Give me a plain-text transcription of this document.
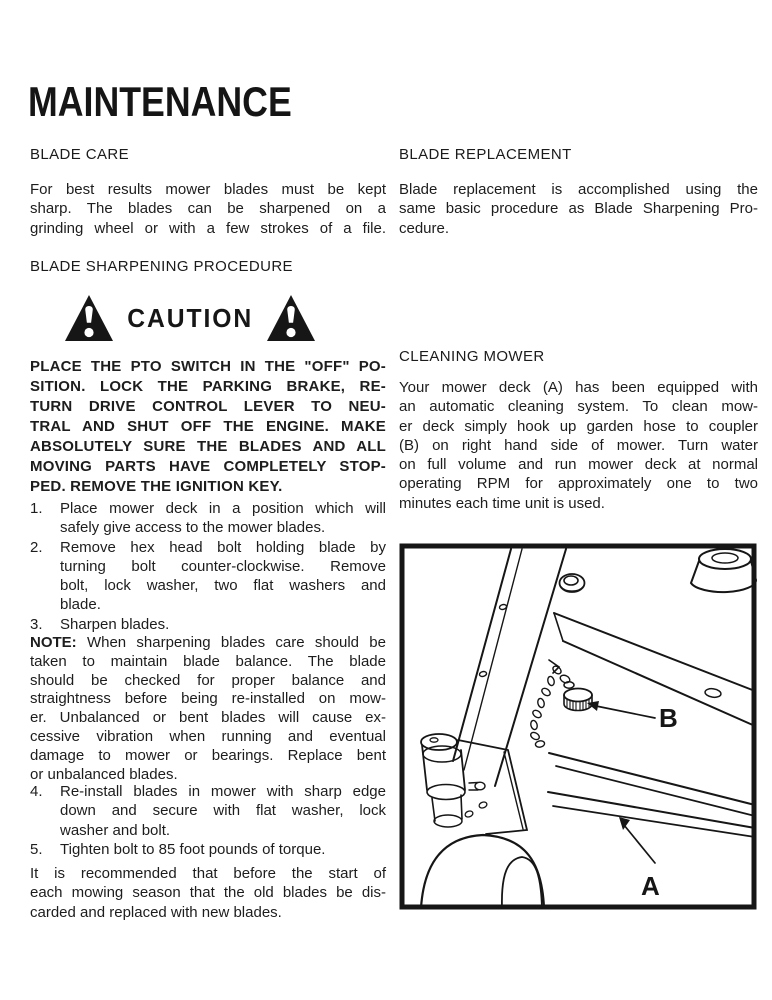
MAINTENANCE
BLADE CARE
For best results mower blades must be kept
sharp. The blades can be sharpened on a
grinding wheel or with a few strokes of a file.
BLADE SHARPENING PROCEDURE
CAUTION
PLACE THE PTO SWITCH IN THE "OFF" PO-
SITION. LOCK THE PARKING BRAKE, RE-
TURN DRIVE CONTROL LEVER TO NEU-
TRAL AND SHUT OFF THE ENGINE. MAKE
ABSOLUTELY SURE THE BLADES AND ALL
MOVING PARTS HAVE COMPLETELY STOP-
PED. REMOVE THE IGNITION KEY.
1.	Place mower deck in a position which will
safely give access to the mower blades.
2.	Remove hex head bolt holding blade by
turning bolt counter-clockwise. Remove
bolt, lock washer, two flat washers and
blade.
3.	Sharpen blades.
NOTE: When sharpening blades care should be
taken to maintain blade balance. The blade
should be checked for proper balance and
straightness before being re-installed on mow-
er. Unbalanced or bent blades will cause ex-
cessive vibration when running and eventual
damage to mower or bearings. Replace bent
or unbalanced blades.
4.	Re-install blades in mower with sharp edge
down and secure with flat washer, lock
washer and bolt.
5.	Tighten bolt to 85 foot pounds of torque.
It is recommended that before the start of
each mowing season that the old blades be dis-
carded and replaced with new blades.
BLADE REPLACEMENT
Blade replacement is accomplished using the
same basic procedure as Blade Sharpening Pro-
cedure.
CLEANING MOWER
Your mower deck (A) has been equipped with
an automatic cleaning system. To clean mow-
er deck simply hook up garden hose to coupler
(B) on right hand side of mower. Turn water
on full volume and run mower deck at normal
operating RPM for approximately one to two
minutes each time unit is used.
B
A
